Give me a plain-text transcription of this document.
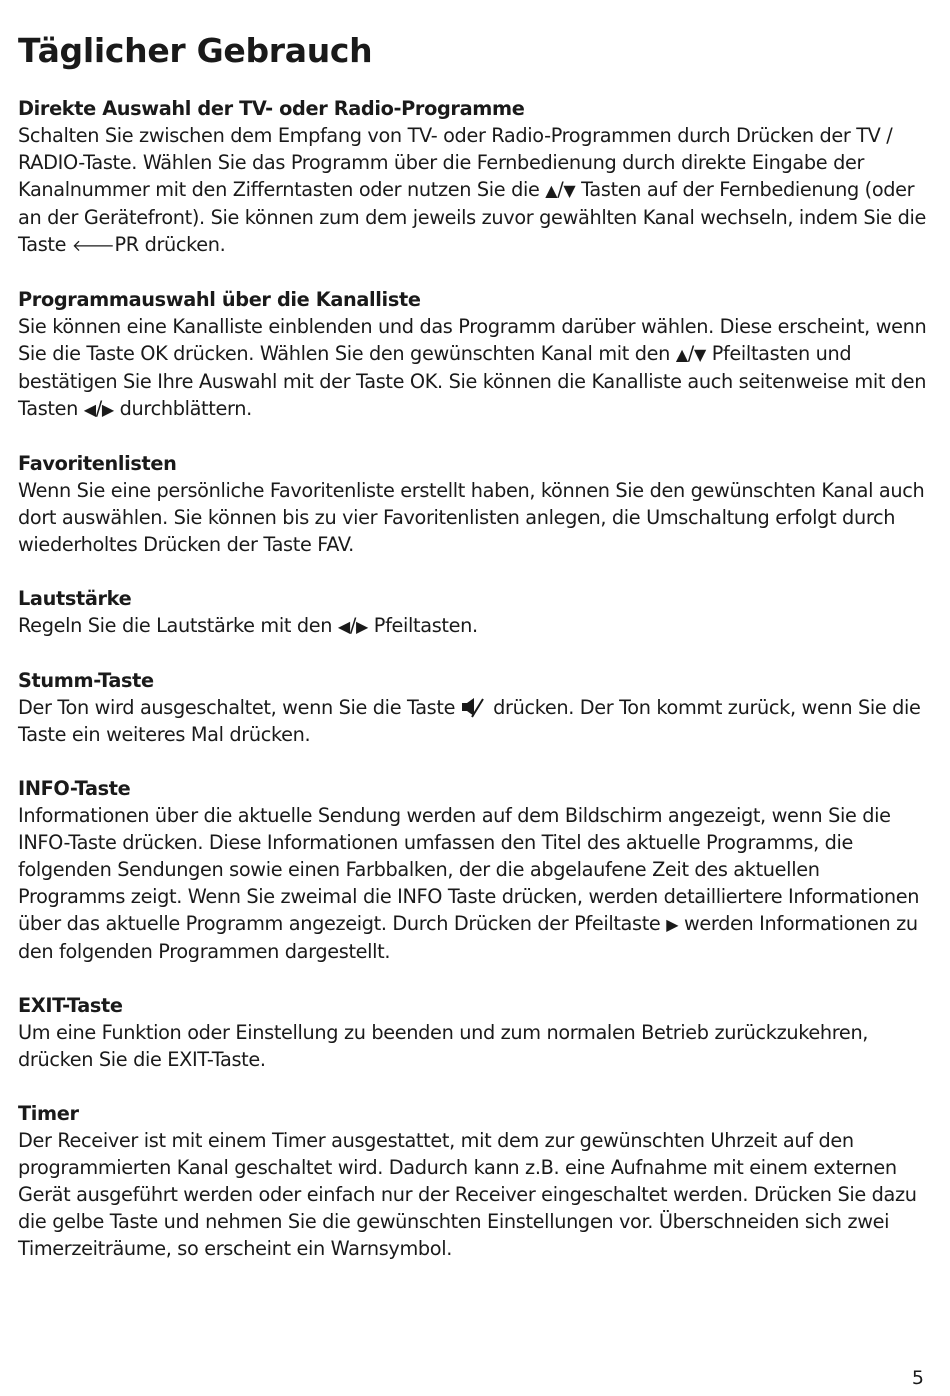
Täglicher Gebrauch
Direkte Auswahl der TV- oder Radio-Programme

Schalten Sie zwischen dem Empfang von TV- oder Radio-Programmen durch Drücken der TV / RADIO-Taste. Wählen Sie das Programm über die Fernbedienung durch direkte Eingabe der Kanalnummer mit den Zifferntasten oder nutzen Sie die ▲/▼ Tasten auf der Fernbedienung (oder an der Gerätefront). Sie können zum dem jeweils zuvor gewählten Kanal wechseln, indem Sie die Taste 🡐PR drücken.

Programmauswahl über die Kanalliste

Sie können eine Kanalliste einblenden und das Programm darüber wählen. Diese erscheint, wenn Sie die Taste OK drücken. Wählen Sie den gewünschten Kanal mit den ▲/▼ Pfeiltasten und bestätigen Sie Ihre Auswahl mit der Taste OK. Sie können die Kanalliste auch seitenweise mit den Tasten ◀/▶ durchblättern.

Favoritenlisten

Wenn Sie eine persönliche Favoritenliste erstellt haben, können Sie den gewünschten Kanal auch dort auswählen. Sie können bis zu vier Favoritenlisten anlegen, die Umschaltung erfolgt durch wiederholtes Drücken der Taste FAV.

Lautstärke

Regeln Sie die Lautstärke mit den ◀/▶ Pfeiltasten.

Stumm-Taste

Der Ton wird ausgeschaltet, wenn Sie die Taste drücken. Der Ton kommt zurück, wenn Sie die Taste ein weiteres Mal drücken.

INFO-Taste

Informationen über die aktuelle Sendung werden auf dem Bildschirm angezeigt, wenn Sie die INFO-Taste drücken. Diese Informationen umfassen den Titel des aktuelle Programms, die folgenden Sendungen sowie einen Farbbalken, der die abgelaufene Zeit des aktuellen Programms zeigt. Wenn Sie zweimal die INFO Taste drücken, werden detailliertere Informationen über das aktuelle Programm angezeigt. Durch Drücken der Pfeiltaste ▶ werden Informationen zu den folgenden Programmen dargestellt.

EXIT-Taste

Um eine Funktion oder Einstellung zu beenden und zum normalen Betrieb zurückzukehren, drücken Sie die EXIT-Taste.

Timer

Der Receiver ist mit einem Timer ausgestattet, mit dem zur gewünschten Uhrzeit auf den programmierten Kanal geschaltet wird. Dadurch kann z.B. eine Aufnahme mit einem externen Gerät ausgeführt werden oder einfach nur der Receiver eingeschaltet werden. Drücken Sie dazu die gelbe Taste und nehmen Sie die gewünschten Einstellungen vor. Überschneiden sich zwei Timerzeiträume, so erscheint ein Warnsymbol.

5
